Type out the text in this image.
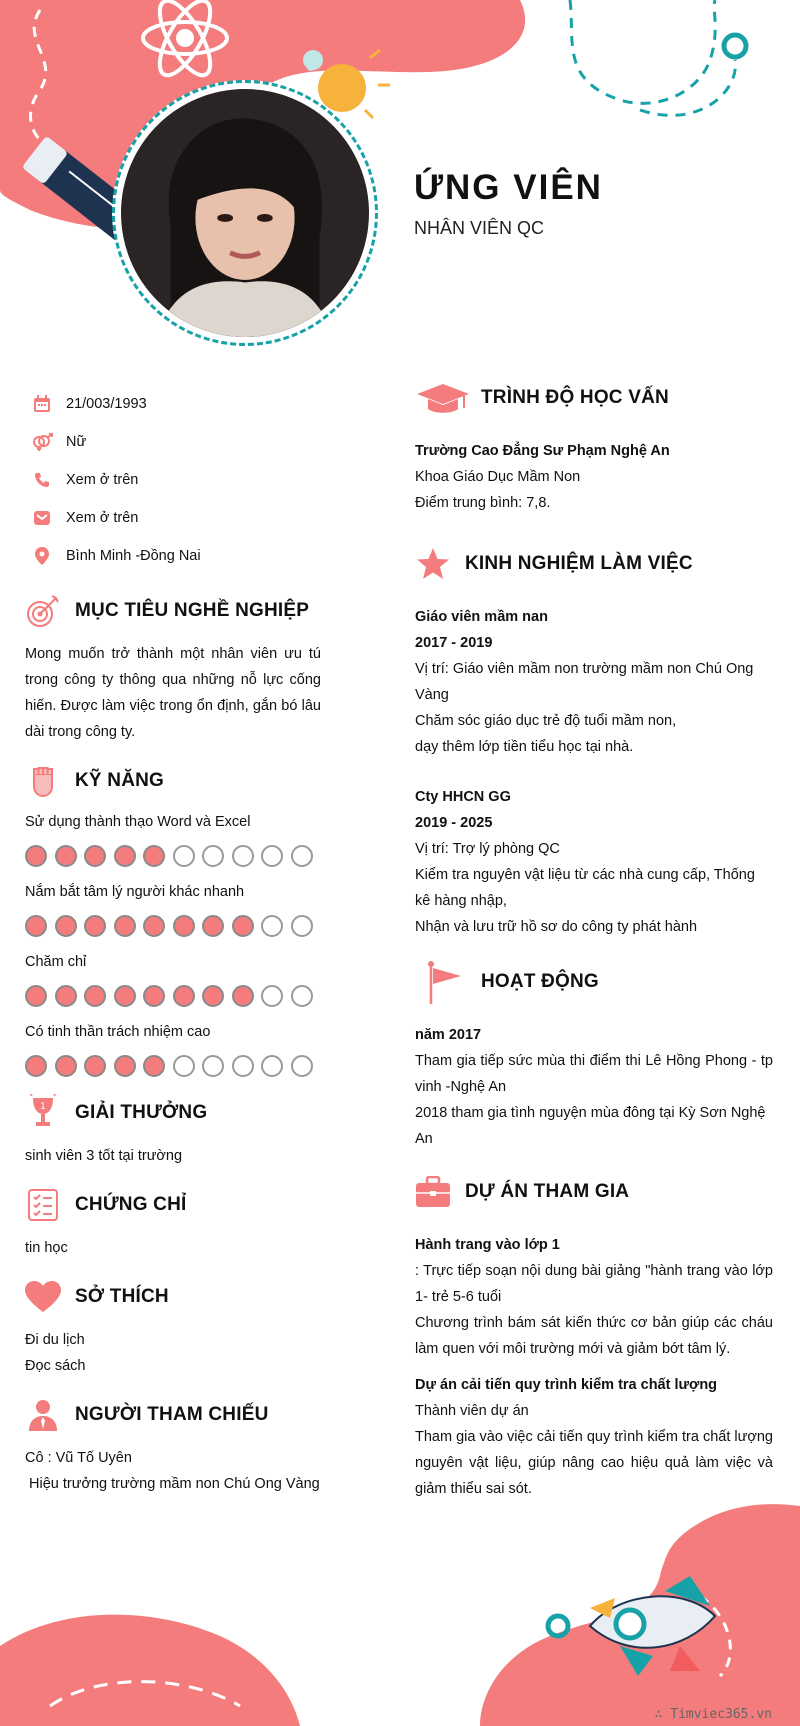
ỨNG VIÊN
NHÂN VIÊN QC
21/003/1993
Nữ
Xem ở trên
Xem ở trên
Bình Minh -Đồng Nai
MỤC TIÊU NGHỀ NGHIỆP
Mong muốn trở thành một nhân viên ưu tú trong công ty thông qua những nỗ lực cống hiến. Được làm việc trong ổn định, gắn bó lâu dài trong công ty.
KỸ NĂNG
Sử dụng thành thạo Word và Excel
Nắm bắt tâm lý người khác nhanh
Chăm chỉ
Có tinh thần trách nhiệm cao
1 GIẢI THƯỞNG
sinh viên 3 tốt tại trường
CHỨNG CHỈ
tin học
SỞ THÍCH
Đi du lịch
Đọc sách
NGƯỜI THAM CHIẾU
Cô : Vũ Tố Uyên
Hiệu trưởng trường mầm non Chú Ong Vàng
TRÌNH ĐỘ HỌC VẤN
Trường Cao Đẳng Sư Phạm Nghệ An
Khoa Giáo Dục Mầm Non
Điểm trung bình: 7,8.
KINH NGHIỆM LÀM VIỆC
Giáo viên mầm nan
2017 - 2019
Vị trí: Giáo viên mầm non trường mầm non Chú Ong Vàng
Chăm sóc giáo dục trẻ độ tuổi mầm non,
dạy thêm lớp tiền tiểu học tại nhà.
Cty HHCN GG
2019 - 2025
Vị trí: Trợ lý phòng QC
Kiểm tra nguyên vật liệu từ các nhà cung cấp, Thống kê hàng nhập,
Nhận và lưu trữ hồ sơ do công ty phát hành
HOẠT ĐỘNG
năm 2017
Tham gia tiếp sức mùa thi điểm thi Lê Hồng Phong - tp vinh -Nghệ An
2018 tham gia tình nguyện mùa đông tại Kỳ Sơn Nghệ An
DỰ ÁN THAM GIA
Hành trang vào lớp 1
: Trực tiếp soạn nội dung bài giảng "hành trang vào lớp 1- trẻ 5-6 tuổi
Chương trình bám sát kiến thức cơ bản giúp các cháu làm quen với môi trường mới và giảm bớt tâm lý.
Dự án cải tiến quy trình kiểm tra chất lượng
Thành viên dự án
Tham gia vào việc cải tiến quy trình kiểm tra chất lượng nguyên vật liệu, giúp nâng cao hiệu quả làm việc và giảm thiểu sai sót.
∴ Timviec365.vn
